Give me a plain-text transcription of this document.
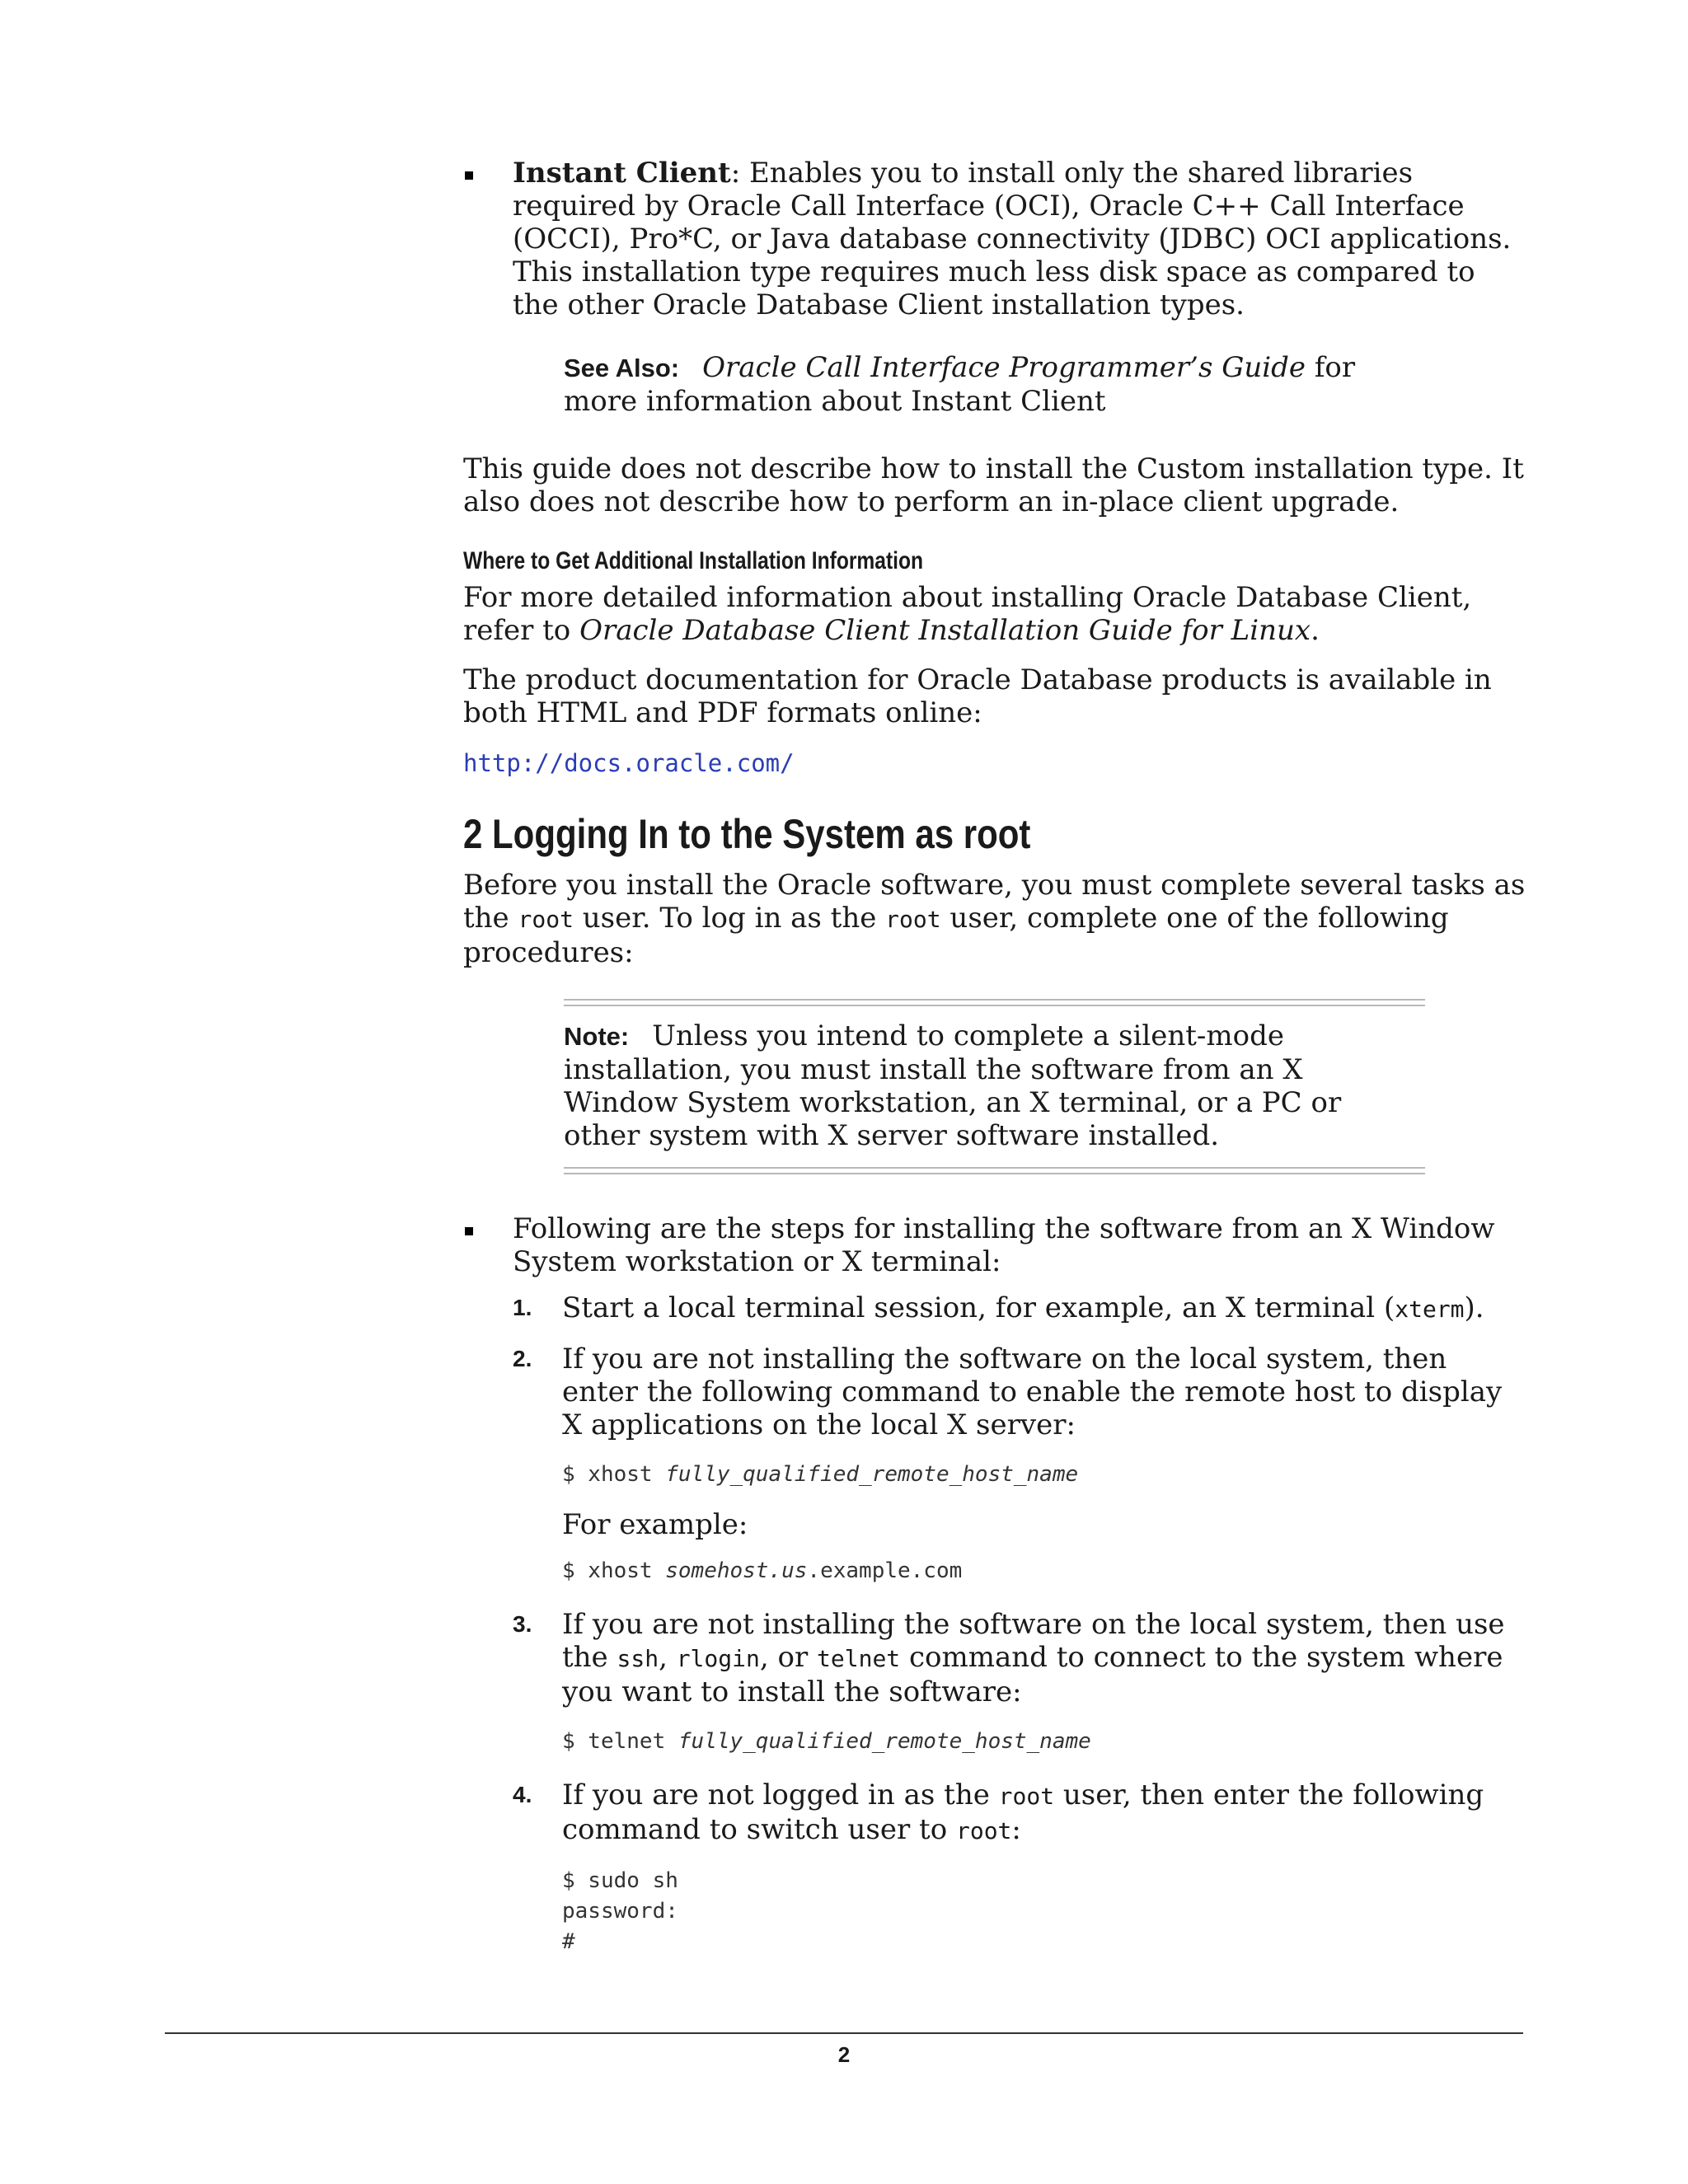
Instant Client: Enables you to install only the shared libraries required by Oracle Call Interface (OCI), Oracle C++ Call Interface (OCCI), Pro*C, or Java database connectivity (JDBC) OCI applications. This installation type requires much less disk space as compared to the other Oracle Database Client installation types.

See Also: Oracle Call Interface Programmer’s Guide for more information about Instant Client

This guide does not describe how to install the Custom installation type. It also does not describe how to perform an in-place client upgrade.

Where to Get Additional Installation Information

For more detailed information about installing Oracle Database Client, refer to Oracle Database Client Installation Guide for Linux.

The product documentation for Oracle Database products is available in both HTML and PDF formats online:

http://docs.oracle.com/

2 Logging In to the System as root

Before you install the Oracle software, you must complete several tasks as the root user. To log in as the root user, complete one of the following procedures:

Note: Unless you intend to complete a silent-mode installation, you must install the software from an X Window System workstation, an X terminal, or a PC or other system with X server software installed.

Following are the steps for installing the software from an X Window System workstation or X terminal:

1. Start a local terminal session, for example, an X terminal (xterm).

2. If you are not installing the software on the local system, then enter the following command to enable the remote host to display X applications on the local X server:

$ xhost fully_qualified_remote_host_name

For example:

$ xhost somehost.us.example.com
3. If you are not installing the software on the local system, then use the ssh, rlogin, or telnet command to connect to the system where you want to install the software:

$ telnet fully_qualified_remote_host_name
4. If you are not logged in as the root user, then enter the following command to switch user to root:

$ sudo sh
password:
#
2
